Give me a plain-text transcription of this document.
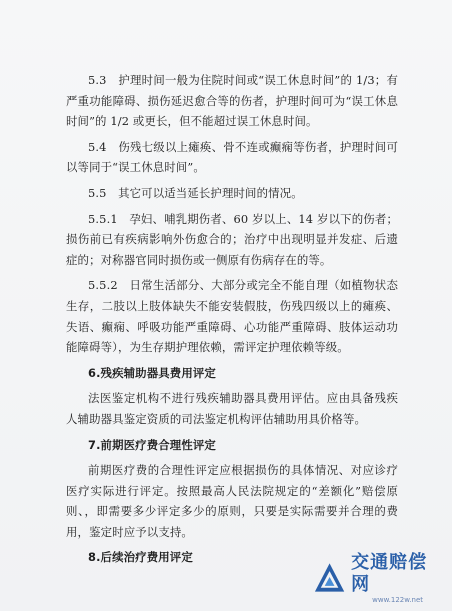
5.3　护理时间一般为住院时间或“误工休息时间”的 1/3；有严重功能障碍、损伤延迟愈合等的伤者，护理时间可为“误工休息时间”的 1/2 或更长，但不能超过误工休息时间。

5.4　伤残七级以上瘫痪、骨不连或癫痫等伤者，护理时间可以等同于“误工休息时间”。

5.5　其它可以适当延长护理时间的情况。

5.5.1　孕妇、哺乳期伤者、60 岁以上、14 岁以下的伤者；损伤前已有疾病影响外伤愈合的；治疗中出现明显并发症、后遗症的；对称器官同时损伤或一侧原有伤病存在的等。

5.5.2　日常生活部分、大部分或完全不能自理（如植物状态生存，二肢以上肢体缺失不能安装假肢，伤残四级以上的瘫痪、失语、癫痫、呼吸功能严重障碍、心功能严重障碍、肢体运动功能障碍等），为生存期护理依赖，需评定护理依赖等级。

6.残疾辅助器具费用评定

法医鉴定机构不进行残疾辅助器具费用评估。应由具备残疾人辅助器具鉴定资质的司法鉴定机构评估辅助用具价格等。

7.前期医疗费合理性评定

前期医疗费的合理性评定应根据损伤的具体情况、对应诊疗医疗实际进行评定。按照最高人民法院规定的“差额化”赔偿原则、，即需要多少评定多少的原则，只要是实际需要并合理的费用，鉴定时应予以支持。

8.后续治疗费用评定	交通赔偿网
www.122w.net
